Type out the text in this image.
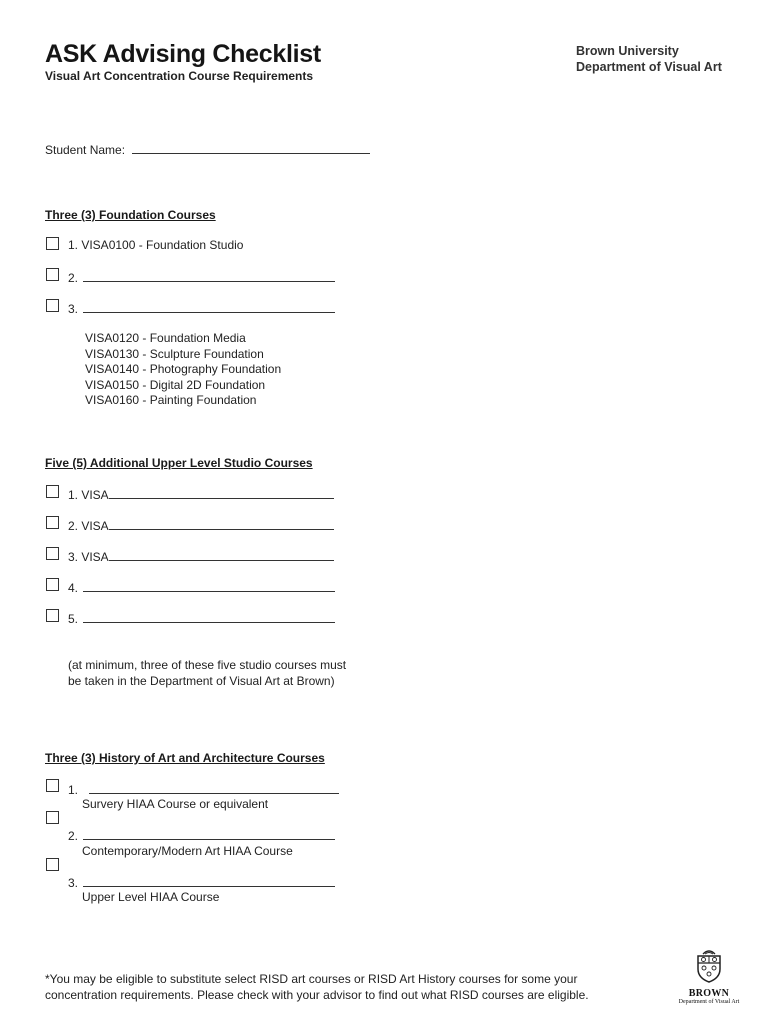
ASK Advising Checklist
Visual Art Concentration Course Requirements
Brown University
Department of Visual Art
Student Name:
Three (3) Foundation Courses
1. VISA0100 - Foundation Studio
2.
3.
VISA0120 - Foundation Media
VISA0130 - Sculpture Foundation
VISA0140 - Photography Foundation
VISA0150 - Digital 2D Foundation
VISA0160 - Painting Foundation
Five (5) Additional Upper Level Studio Courses
1. VISA
2. VISA
3. VISA
4.
5.
(at minimum, three of these five studio courses must
be taken in the Department of Visual Art at Brown)
Three (3) History of Art and Architecture Courses
1.
Survery HIAA Course or equivalent
2.
Contemporary/Modern Art HIAA Course
3.
Upper Level HIAA Course
*You may be eligible to substitute select RISD art courses or RISD Art History courses for some your
concentration requirements. Please check with your advisor to find out what RISD courses are eligible.	BROWN
Department of Visual Art
